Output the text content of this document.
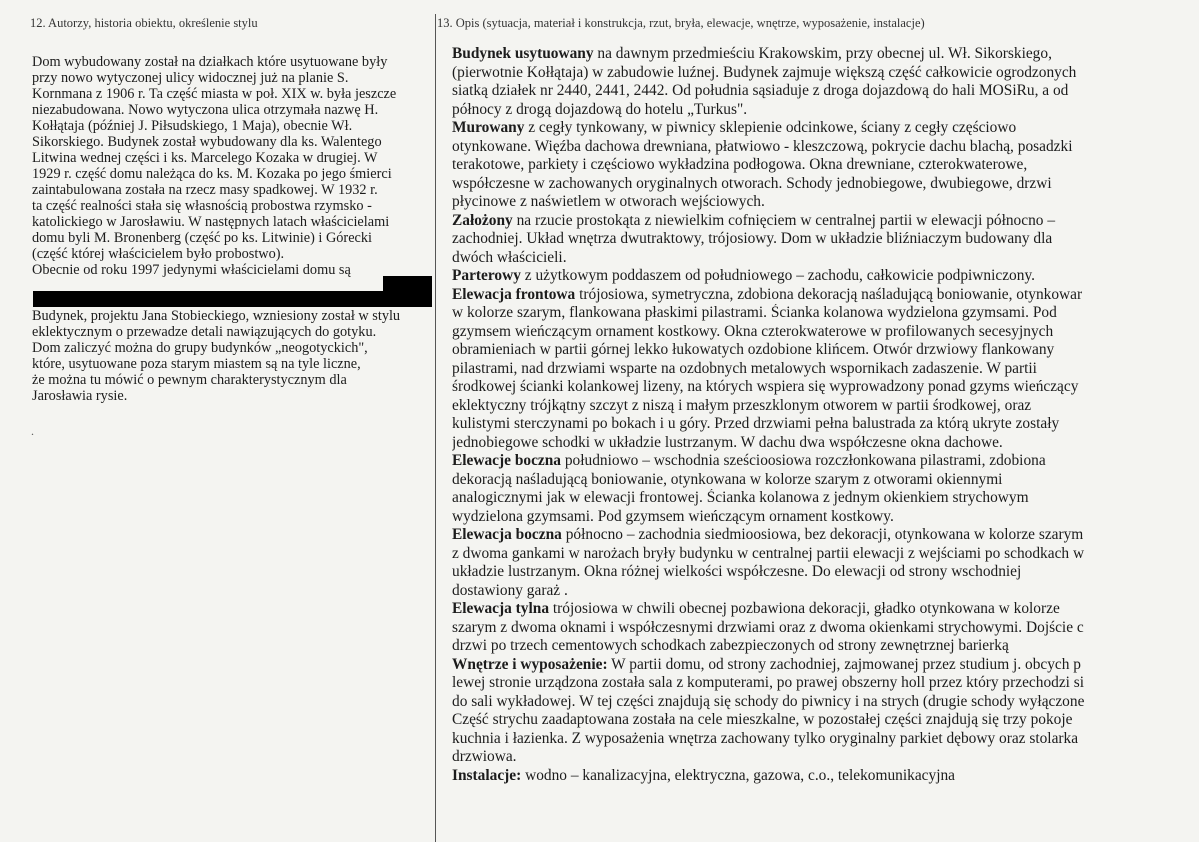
12. Autorzy, historia obiektu, określenie stylu	13. Opis (sytuacja, materiał i konstrukcja, rzut, bryła, elewacje, wnętrze, wyposażenie, instalacje)
Dom wybudowany został na działkach które usytuowane były
przy nowo wytyczonej ulicy widocznej już na planie S.
Kornmana z 1906 r. Ta część miasta w poł. XIX w. była jeszcze
niezabudowana. Nowo wytyczona ulica otrzymała nazwę H.
Kołłątaja (później J. Piłsudskiego, 1 Maja), obecnie Wł.
Sikorskiego. Budynek został wybudowany dla ks. Walentego
Litwina wednej części i ks. Marcelego Kozaka w drugiej. W
1929 r. część domu należąca do ks. M. Kozaka po jego śmierci
zaintabulowana została na rzecz masy spadkowej. W 1932 r.
ta część realności stała się własnością probostwa rzymsko -
katolickiego w Jarosławiu. W następnych latach właścicielami
domu byli M. Bronenberg (część po ks. Litwinie) i Górecki
(część której właścicielem było probostwo).
Obecnie od roku 1997 jedynymi właścicielami domu są
Budynek, projektu Jana Stobieckiego, wzniesiony został w stylu
eklektycznym o przewadze detali nawiązujących do gotyku.
Dom zaliczyć można do grupy budynków „neogotyckich",
które, usytuowane poza starym miastem są na tyle liczne,
że można tu mówić o pewnym charakterystycznym dla
Jarosławia rysie.
.
Budynek usytuowany na dawnym przedmieściu Krakowskim, przy obecnej ul. Wł. Sikorskiego,
(pierwotnie Kołłątaja) w zabudowie luźnej. Budynek zajmuje większą część całkowicie ogrodzonych
siatką działek nr 2440, 2441, 2442. Od południa sąsiaduje z droga dojazdową do hali MOSiRu, a od
północy z drogą dojazdową do hotelu „Turkus".
Murowany z cegły tynkowany, w piwnicy sklepienie odcinkowe, ściany z cegły częściowo
otynkowane. Więźba dachowa drewniana, płatwiowo - kleszczową, pokrycie dachu blachą, posadzki
terakotowe, parkiety i częściowo wykładzina podłogowa. Okna drewniane, czterokwaterowe,
współczesne w zachowanych oryginalnych otworach. Schody jednobiegowe, dwubiegowe, drzwi
płycinowe z naświetlem w otworach wejściowych.
Założony na rzucie prostokąta z niewielkim cofnięciem w centralnej partii w elewacji północno –
zachodniej. Układ wnętrza dwutraktowy, trójosiowy. Dom w układzie bliźniaczym budowany dla
dwóch właścicieli.
Parterowy z użytkowym poddaszem od południowego – zachodu, całkowicie podpiwniczony.
Elewacja frontowa trójosiowa, symetryczna, zdobiona dekoracją naśladującą boniowanie, otynkowar
w kolorze szarym, flankowana płaskimi pilastrami. Ścianka kolanowa wydzielona gzymsami. Pod
gzymsem wieńczącym ornament kostkowy. Okna czterokwaterowe w profilowanych secesyjnych
obramieniach w partii górnej lekko łukowatych ozdobione klińcem. Otwór drzwiowy flankowany
pilastrami, nad drzwiami wsparte na ozdobnych metalowych wspornikach zadaszenie. W partii
środkowej ścianki kolankowej lizeny, na których wspiera się wyprowadzony ponad gzyms wieńczący
eklektyczny trójkątny szczyt z niszą i małym przeszklonym otworem w partii środkowej, oraz
kulistymi sterczynami po bokach i u góry. Przed drzwiami pełna balustrada za którą ukryte zostały
jednobiegowe schodki w układzie lustrzanym. W dachu dwa współczesne okna dachowe.
Elewacje boczna południowo – wschodnia sześcioosiowa rozczłonkowana pilastrami, zdobiona
dekoracją naśladującą boniowanie, otynkowana w kolorze szarym z otworami okiennymi
analogicznymi jak w elewacji frontowej. Ścianka kolanowa z jednym okienkiem strychowym
wydzielona gzymsami. Pod gzymsem wieńczącym ornament kostkowy.
Elewacja boczna północno – zachodnia siedmioosiowa, bez dekoracji, otynkowana w kolorze szarym
z dwoma gankami w narożach bryły budynku w centralnej partii elewacji z wejściami po schodkach w
układzie lustrzanym. Okna różnej wielkości współczesne. Do elewacji od strony wschodniej
dostawiony garaż .
Elewacja tylna trójosiowa w chwili obecnej pozbawiona dekoracji, gładko otynkowana w kolorze
szarym z dwoma oknami i współczesnymi drzwiami oraz z dwoma okienkami strychowymi. Dojście c
drzwi po trzech cementowych schodkach zabezpieczonych od strony zewnętrznej barierką
Wnętrze i wyposażenie: W partii domu, od strony zachodniej, zajmowanej przez studium j. obcych p
lewej stronie urządzona została sala z komputerami, po prawej obszerny holl przez który przechodzi si
do sali wykładowej. W tej części znajdują się schody do piwnicy i na strych (drugie schody wyłączone
Część strychu zaadaptowana została na cele mieszkalne, w pozostałej części znajdują się trzy pokoje
kuchnia i łazienka. Z wyposażenia wnętrza zachowany tylko oryginalny parkiet dębowy oraz stolarka
drzwiowa.
Instalacje: wodno – kanalizacyjna, elektryczna, gazowa, c.o., telekomunikacyjna
